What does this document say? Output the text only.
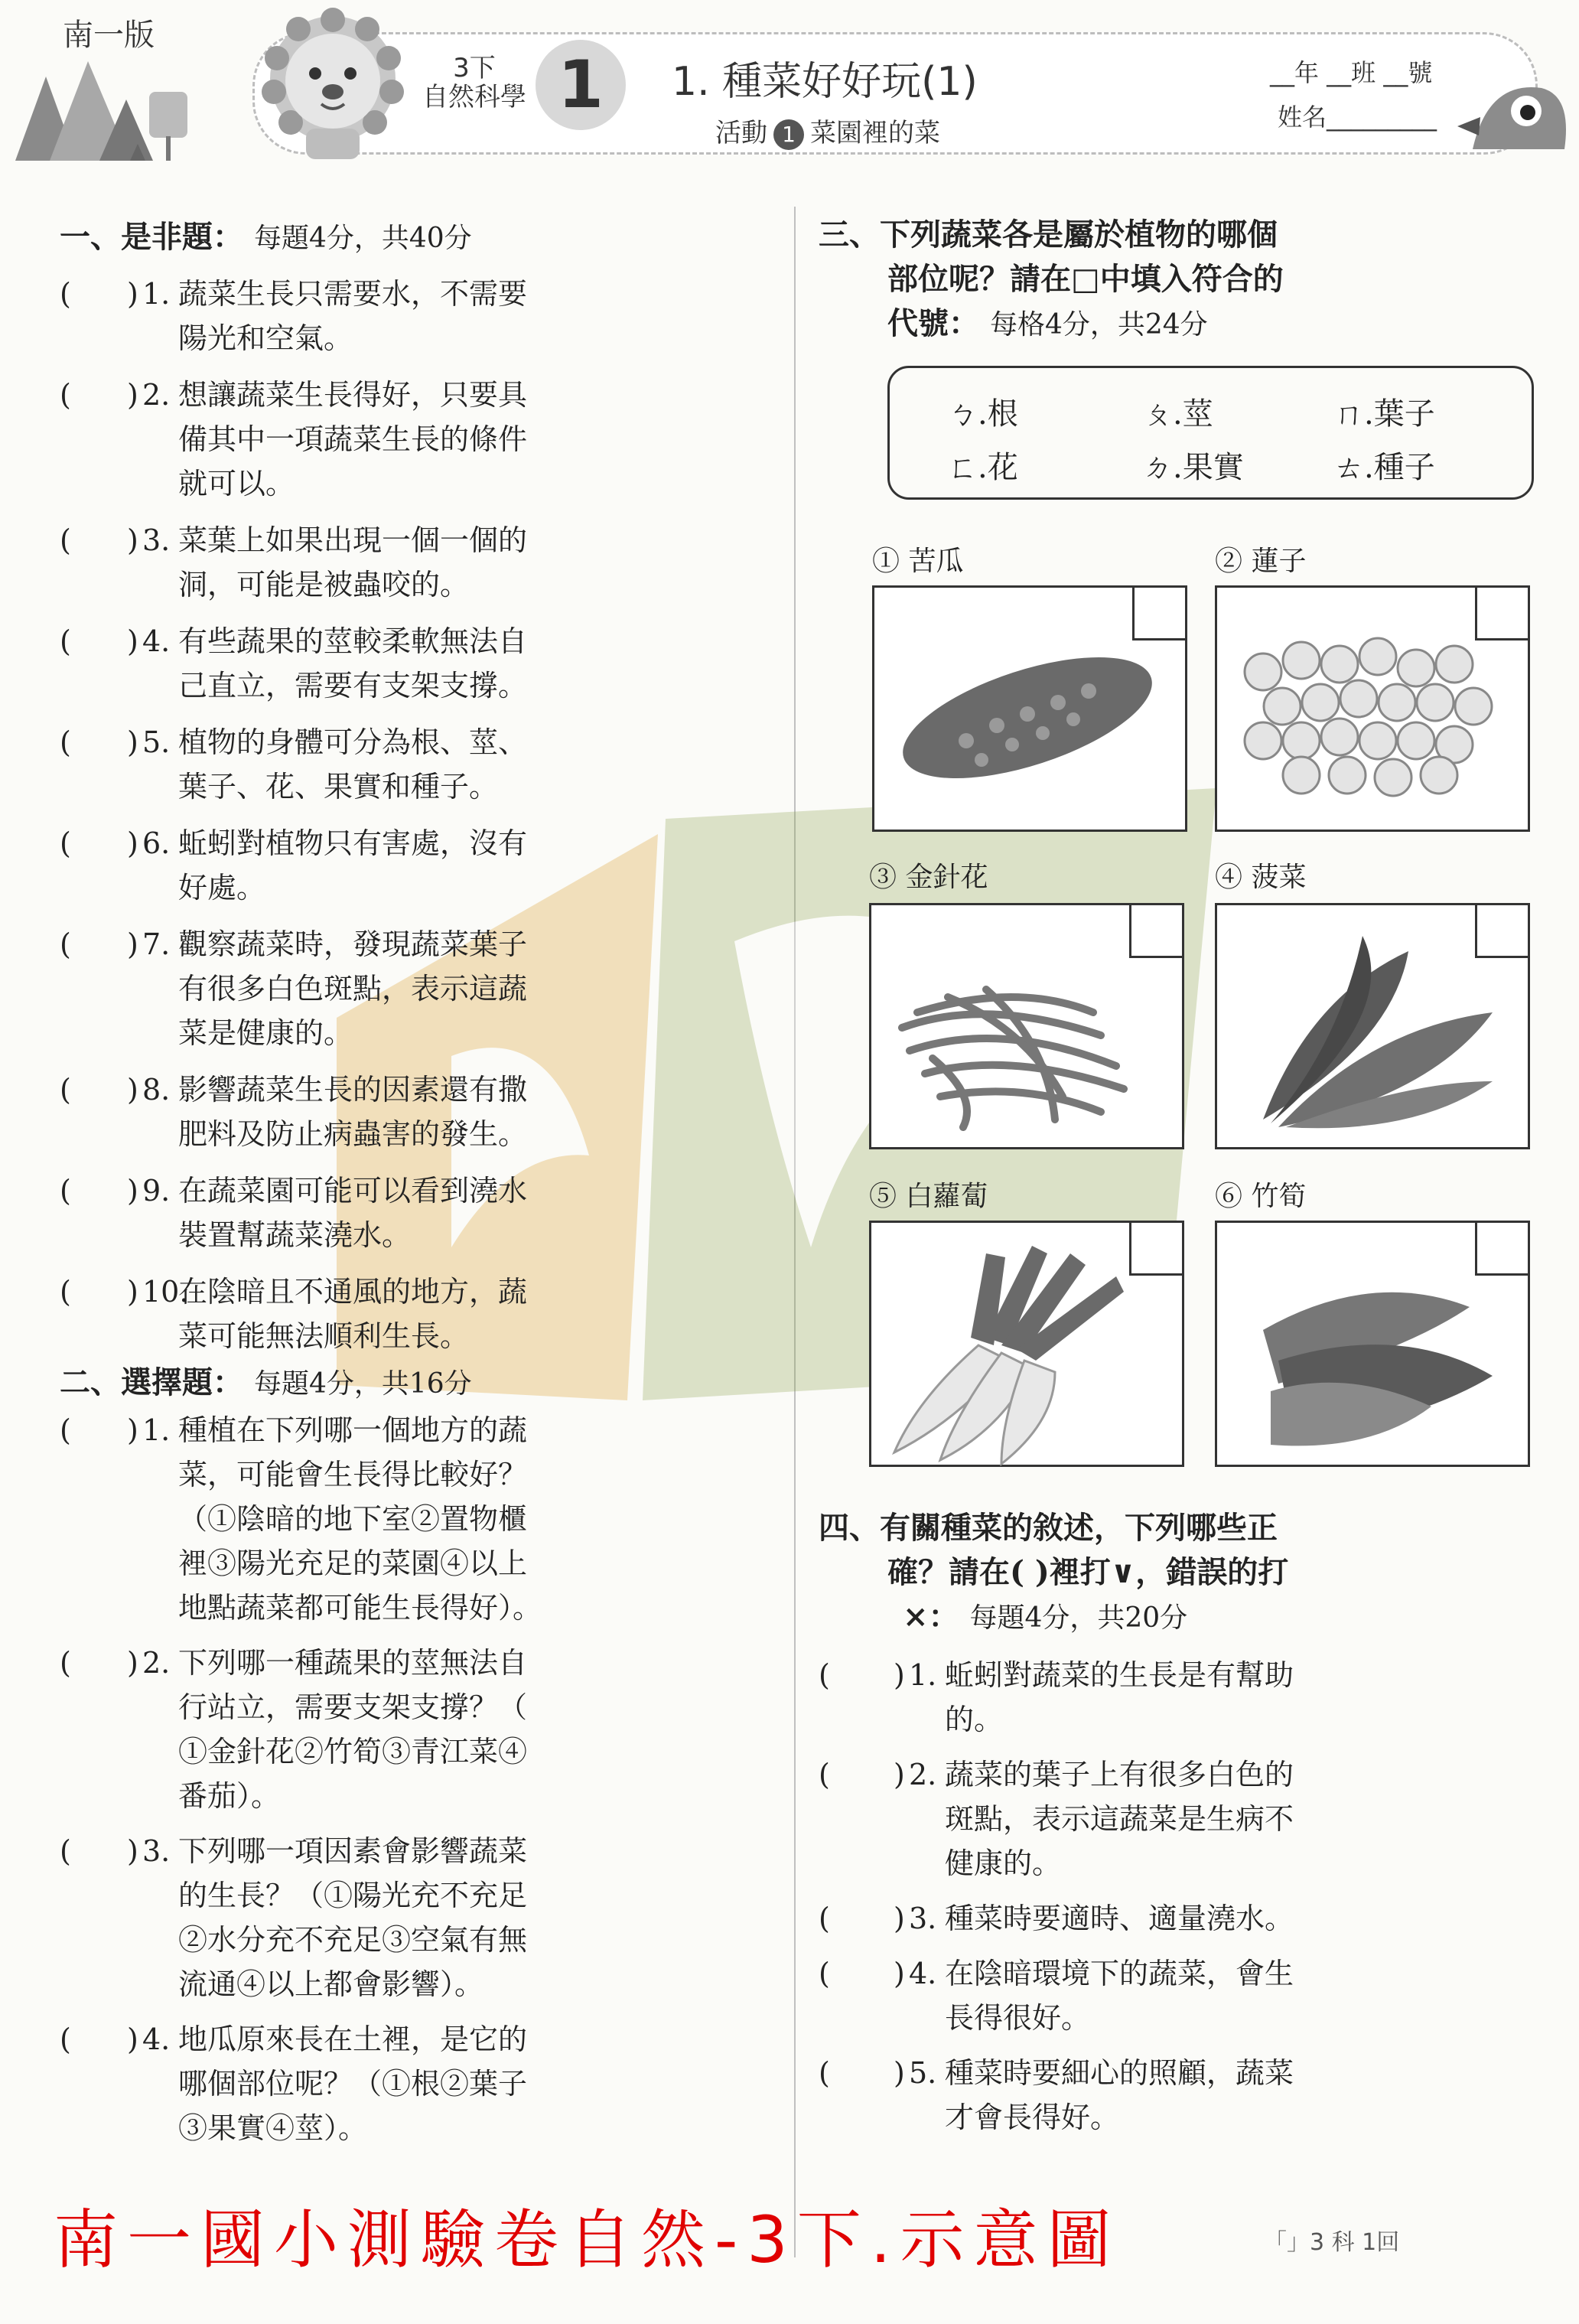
南一版
3下
自然科學 1	1. 種菜好好玩(1)
活動 1 菜園裡的菜
__年 __班 __號
姓名_________
一、是非題： 每題4分，共40分
( ) 1. 蔬菜生長只需要水，不需要
陽光和空氣。
( ) 2. 想讓蔬菜生長得好，只要具
備其中一項蔬菜生長的條件
就可以。
( ) 3. 菜葉上如果出現一個一個的
洞，可能是被蟲咬的。
( ) 4. 有些蔬果的莖較柔軟無法自
己直立，需要有支架支撐。
( ) 5. 植物的身體可分為根、莖、
葉子、花、果實和種子。
( ) 6. 蚯蚓對植物只有害處，沒有
好處。
( ) 7. 觀察蔬菜時，發現蔬菜葉子
有很多白色斑點，表示這蔬
菜是健康的。
( ) 8. 影響蔬菜生長的因素還有撒
肥料及防止病蟲害的發生。
( ) 9. 在蔬菜園可能可以看到澆水
裝置幫蔬菜澆水。
( ) 10.
在陰暗且不通風的地方，蔬
菜可能無法順利生長。
二、選擇題： 每題4分，共16分
( ) 1. 種植在下列哪一個地方的蔬
菜，可能會生長得比較好？
（①陰暗的地下室②置物櫃
裡③陽光充足的菜園④以上
地點蔬菜都可能生長得好）。
( ) 2. 下列哪一種蔬果的莖無法自
行站立，需要支架支撐？（
①金針花②竹筍③青江菜④
番茄）。
( ) 3. 下列哪一項因素會影響蔬菜
的生長？（①陽光充不充足
②水分充不充足③空氣有無
流通④以上都會影響）。
( ) 4. 地瓜原來長在土裡，是它的
哪個部位呢？（①根②葉子
③果實④莖）。
三、下列蔬菜各是屬於植物的哪個
部位呢？請在□中填入符合的
代號： 每格4分，共24分
ㄅ.根	ㄆ.莖	ㄇ.葉子
ㄈ.花	ㄉ.果實	ㄊ.種子
① 苦瓜	② 蓮子
③ 金針花	④ 菠菜
⑤ 白蘿蔔	⑥ 竹筍
四、有關種菜的敘述，下列哪些正
確？請在( )裡打∨，錯誤的打
×： 每題4分，共20分
( ) 1. 蚯蚓對蔬菜的生長是有幫助
的。
( ) 2. 蔬菜的葉子上有很多白色的
斑點，表示這蔬菜是生病不
健康的。
( ) 3. 種菜時要適時、適量澆水。
( ) 4. 在陰暗環境下的蔬菜，會生
長得很好。
( ) 5. 種菜時要細心的照顧，蔬菜
才會長得好。
南一國小測驗卷自然-3下.示意圖	「」3 科 1回
